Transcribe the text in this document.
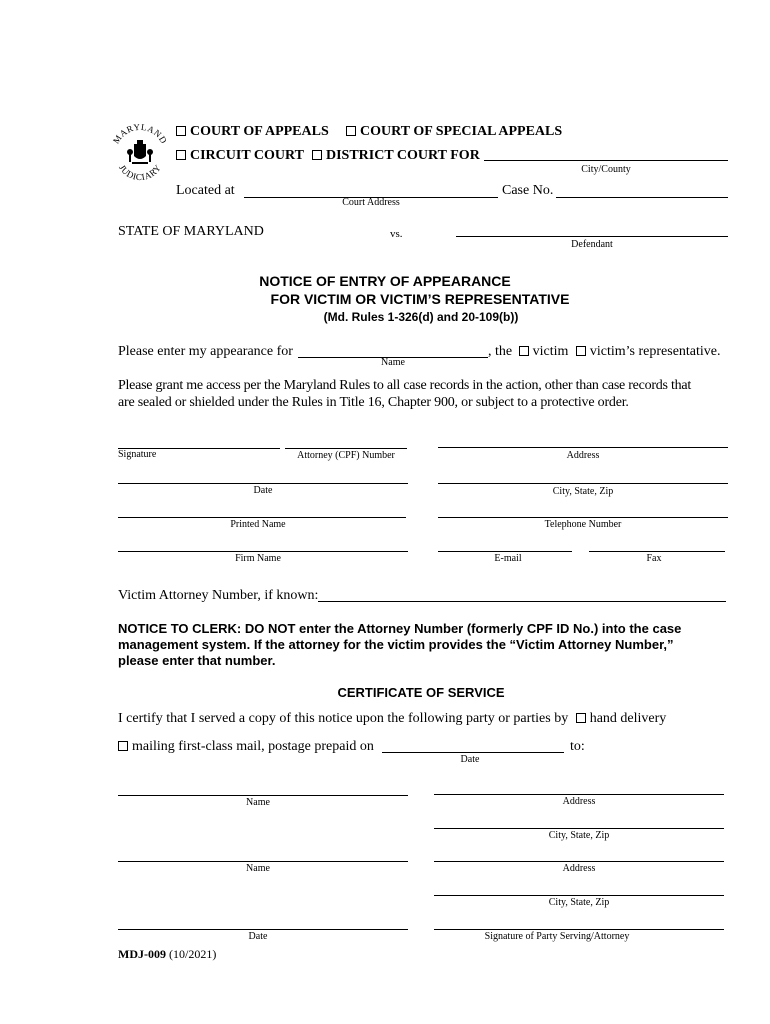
MARYLAND
JUDICIARY
COURT OF APPEALS	COURT OF SPECIAL APPEALS
CIRCUIT COURT	DISTRICT COURT FOR
City/County
Located at
Court Address
Case No.
STATE OF MARYLAND	vs.
Defendant
NOTICE OF ENTRY OF APPEARANCE
FOR VICTIM OR VICTIM’S REPRESENTATIVE
(Md. Rules 1-326(d) and 20-109(b))
Please enter my appearance for
Name
, the victim victim’s representative.
Please grant me access per the Maryland Rules to all case records in the action, other than case records that
are sealed or shielded under the Rules in Title 16, Chapter 900, or subject to a protective order.
Signature	Attorney (CPF) Number	Address
Date	City, State, Zip
Printed Name	Telephone Number
Firm Name	E-mail	Fax
Victim Attorney Number, if known:
NOTICE TO CLERK: DO NOT enter the Attorney Number (formerly CPF ID No.) into the case
management system. If the attorney for the victim provides the “Victim Attorney Number,”
please enter that number.
CERTIFICATE OF SERVICE
I certify that I served a copy of this notice upon the following party or parties by hand delivery
mailing first-class mail, postage prepaid on
Date
to:
Name	Address
City, State, Zip
Name	Address
City, State, Zip
Date	Signature of Party Serving/Attorney
MDJ-009 (10/2021)
